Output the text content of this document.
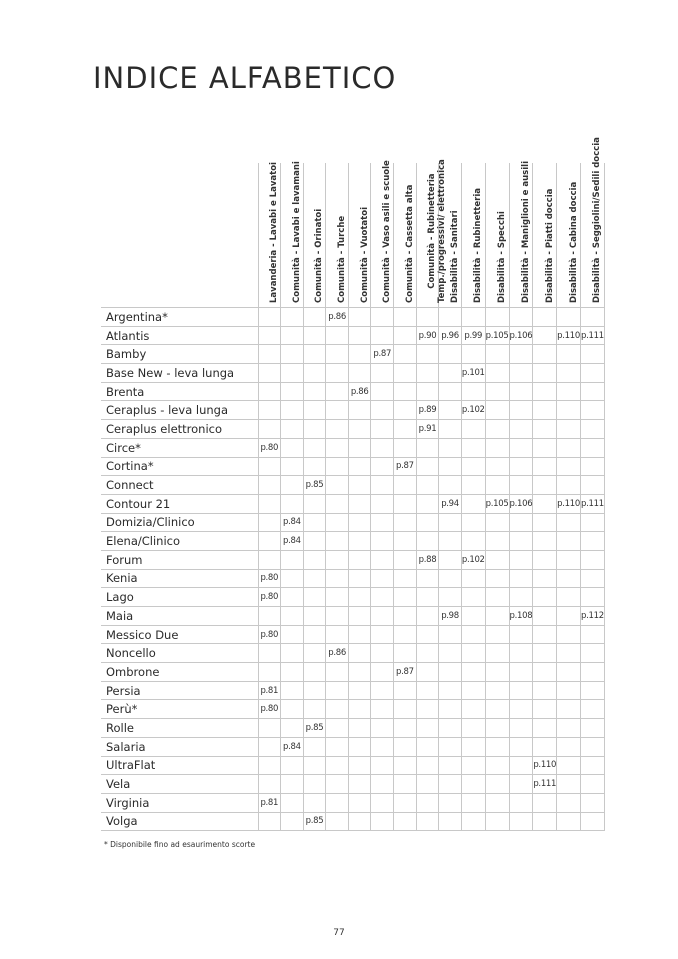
INDICE ALFABETICO

	Lavanderia - Lavabi e Lavatoi	Comunità - Lavabi e lavamani	Comunità - Orinatoi	Comunità - Turche	Comunità - Vuotatoi	Comunità - Vaso asili e scuole	Comunità - Cassetta alta	Comunità - Rubinetteria Temp./progressivi/ elettronica	Disabilità - Sanitari	Disabilità - Rubinetteria	Disabilità - Specchi	Disabilità - Maniglioni e ausili	Disabilità - Piatti doccia	Disabilità - Cabina doccia	Disabilità - Seggiolini/Sedili doccia

Argentina*				p.86											
Atlantis								p.90	p.96	p.99	p.105	p.106		p.110	p.111
Bamby						p.87									
Base New - leva lunga										p.101					
Brenta					p.86										
Ceraplus - leva lunga								p.89		p.102					
Ceraplus elettronico								p.91							
Circe*	p.80														
Cortina*							p.87								
Connect			p.85												
Contour 21									p.94		p.105	p.106		p.110	p.111
Domizia/Clinico		p.84													
Elena/Clinico		p.84													
Forum								p.88		p.102					
Kenia	p.80														
Lago	p.80														
Maia									p.98			p.108			p.112
Messico Due	p.80														
Noncello				p.86											
Ombrone							p.87								
Persia	p.81														
Perù*	p.80														
Rolle			p.85												
Salaria		p.84													
UltraFlat													p.110		
Vela													p.111		
Virginia	p.81														
Volga			p.85												
* Disponibile fino ad esaurimento scorte
77
